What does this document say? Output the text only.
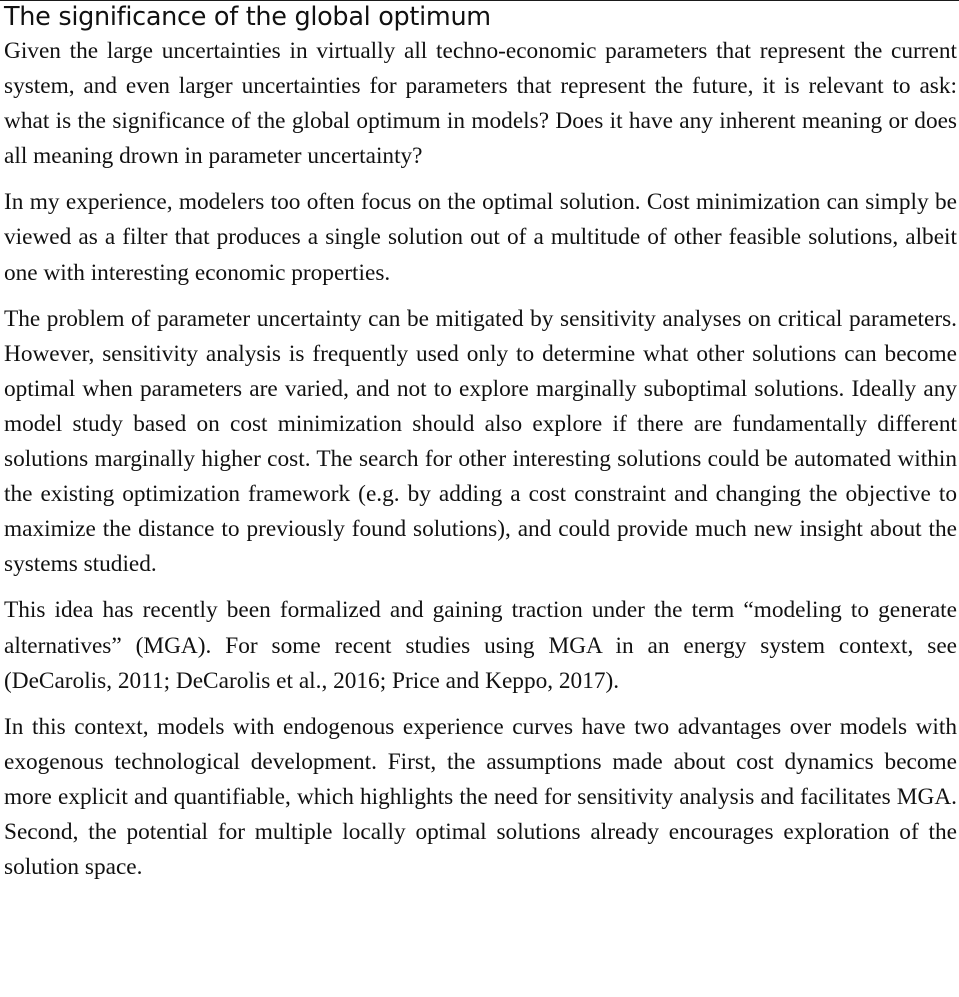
The significance of the global optimum

Given the large uncertainties in virtually all techno-economic parameters that represent the current system, and even larger uncertainties for parameters that represent the future, it is relevant to ask: what is the significance of the global optimum in models? Does it have any inherent meaning or does all meaning drown in parameter uncertainty?

In my experience, modelers too often focus on the optimal solution. Cost minimization can simply be viewed as a filter that produces a single solution out of a multitude of other feasible solutions, albeit one with interesting economic properties.

The problem of parameter uncertainty can be mitigated by sensitivity analyses on critical parameters. However, sensitivity analysis is frequently used only to determine what other solutions can become optimal when parameters are varied, and not to explore marginally suboptimal solutions. Ideally any model study based on cost minimization should also explore if there are fundamentally different solutions marginally higher cost. The search for other interesting solutions could be automated within the existing optimization framework (e.g. by adding a cost constraint and changing the objective to maximize the distance to previously found solutions), and could provide much new insight about the systems studied.

This idea has recently been formalized and gaining traction under the term “modeling to generate alternatives” (MGA). For some recent studies using MGA in an energy system context, see (DeCarolis, 2011; DeCarolis et al., 2016; Price and Keppo, 2017).

In this context, models with endogenous experience curves have two advantages over models with exogenous technological development. First, the assumptions made about cost dynamics become more explicit and quantifiable, which highlights the need for sensitivity analysis and facilitates MGA. Second, the potential for multiple locally optimal solutions already encourages exploration of the solution space.
